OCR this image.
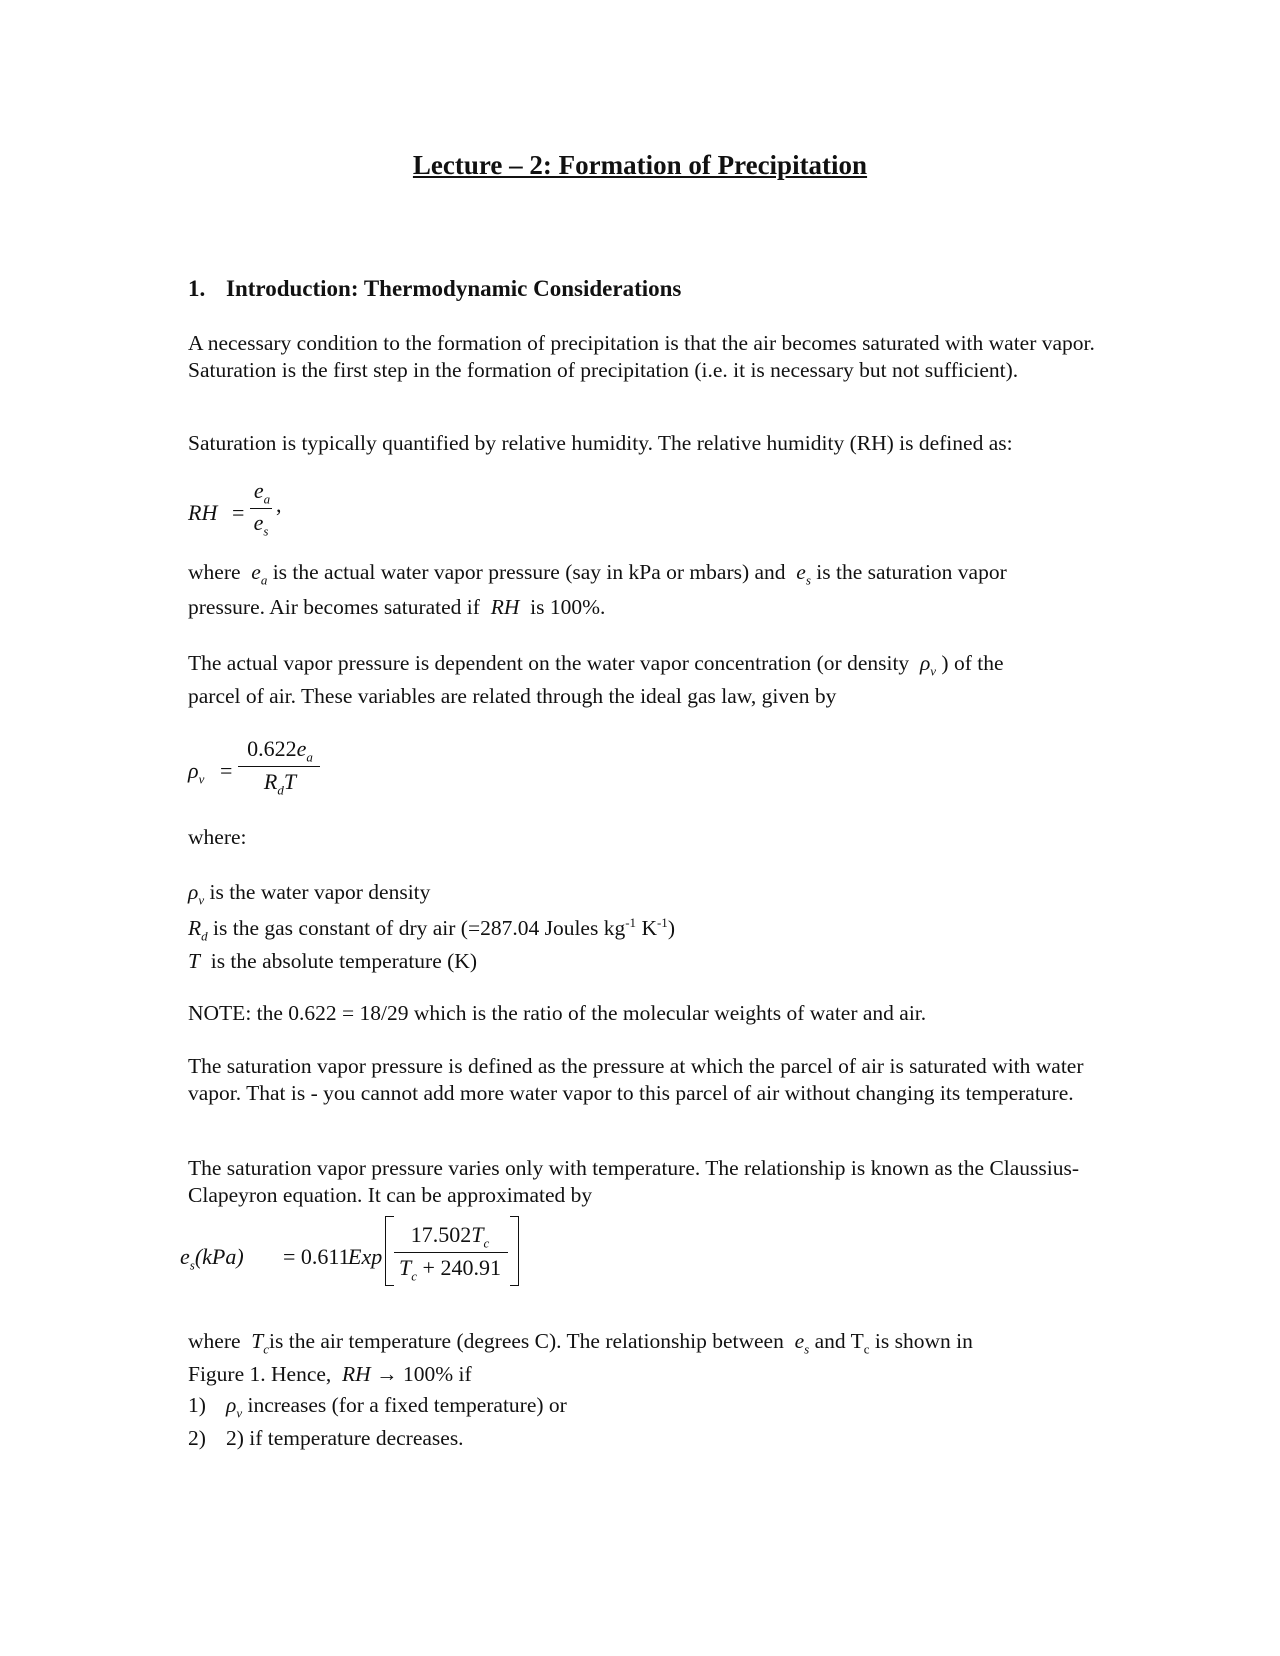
Lecture – 2: Formation of Precipitation
1. Introduction: Thermodynamic Considerations
A necessary condition to the formation of precipitation is that the air becomes saturated with water vapor. Saturation is the first step in the formation of precipitation (i.e. it is necessary but not sufficient).
Saturation is typically quantified by relative humidity. The relative humidity (RH) is defined as:
RH =
$e_a$
$e_s$
,
where $e_a$ is the actual water vapor pressure (say in kPa or mbars) and $e_s$ is the saturation vapor
pressure. Air becomes saturated if RH is 100%.
The actual vapor pressure is dependent on the water vapor concentration (or density $\rho_v$ ) of the
parcel of air. These variables are related through the ideal gas law, given by
$\rho_v$ =
$0.622e_a$
$R_dT$
where:
$\rho_v$ is the water vapor density
$R_d$ is the gas constant of dry air (=287.04 Joules $kg^{-1}$ $K^{-1}$)
T is the absolute temperature (K)
NOTE: the 0.622 = 18/29 which is the ratio of the molecular weights of water and air.
The saturation vapor pressure is defined as the pressure at which the parcel of air is saturated with water vapor. That is - you cannot add more water vapor to this parcel of air without changing its temperature.
The saturation vapor pressure varies only with temperature. The relationship is known as the Claussius-Clapeyron equation. It can be approximated by
$e_s(kPa) = 0.611$
Exp
$17.502T_c$
$T_c + 240.91$
where $T_cis$ the air temperature (degrees C). The relationship between $e_s$ and $T_c$ is shown in
Figure 1. Hence, RH → 100% if
1) $\rho_v$ increases (for a fixed temperature) or
2) 2) if temperature decreases.
